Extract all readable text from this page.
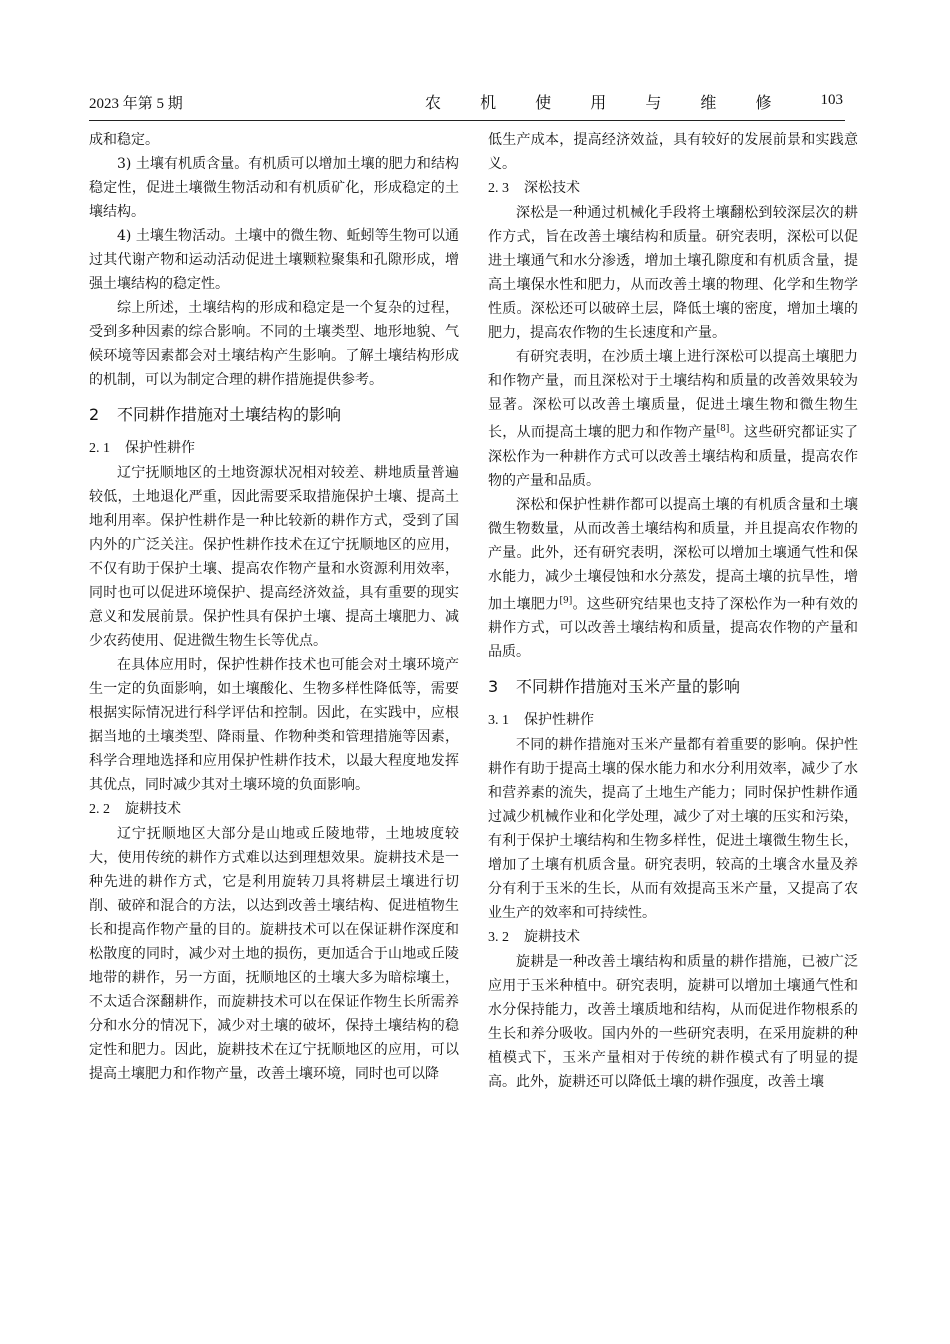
2023 年第 5 期	农 机 使 用 与 维 修 103

成和稳定。

3) 土壤有机质含量。有机质可以增加土壤的肥力和结构稳定性，促进土壤微生物活动和有机质矿化，形成稳定的土壤结构。

4) 土壤生物活动。土壤中的微生物、蚯蚓等生物可以通过其代谢产物和运动活动促进土壤颗粒聚集和孔隙形成，增强土壤结构的稳定性。

综上所述，土壤结构的形成和稳定是一个复杂的过程，受到多种因素的综合影响。不同的土壤类型、地形地貌、气候环境等因素都会对土壤结构产生影响。了解土壤结构形成的机制，可以为制定合理的耕作措施提供参考。

2 不同耕作措施对土壤结构的影响
2. 1 保护性耕作

辽宁抚顺地区的土地资源状况相对较差、耕地质量普遍较低，土地退化严重，因此需要采取措施保护土壤、提高土地利用率。保护性耕作是一种比较新的耕作方式，受到了国内外的广泛关注。保护性耕作技术在辽宁抚顺地区的应用，不仅有助于保护土壤、提高农作物产量和水资源利用效率，同时也可以促进环境保护、提高经济效益，具有重要的现实意义和发展前景。保护性具有保护土壤、提高土壤肥力、减少农药使用、促进微生物生长等优点。

在具体应用时，保护性耕作技术也可能会对土壤环境产生一定的负面影响，如土壤酸化、生物多样性降低等，需要根据实际情况进行科学评估和控制。因此，在实践中，应根据当地的土壤类型、降雨量、作物种类和管理措施等因素，科学合理地选择和应用保护性耕作技术，以最大程度地发挥其优点，同时减少其对土壤环境的负面影响。

2. 2 旋耕技术

辽宁抚顺地区大部分是山地或丘陵地带，土地坡度较大，使用传统的耕作方式难以达到理想效果。旋耕技术是一种先进的耕作方式，它是利用旋转刀具将耕层土壤进行切削、破碎和混合的方法，以达到改善土壤结构、促进植物生长和提高作物产量的目的。旋耕技术可以在保证耕作深度和松散度的同时，减少对土地的损伤，更加适合于山地或丘陵地带的耕作，另一方面，抚顺地区的土壤大多为暗棕壤土，不太适合深翻耕作，而旋耕技术可以在保证作物生长所需养分和水分的情况下，减少对土壤的破坏，保持土壤结构的稳定性和肥力。因此，旋耕技术在辽宁抚顺地区的应用，可以提高土壤肥力和作物产量，改善土壤环境，同时也可以降

低生产成本，提高经济效益，具有较好的发展前景和实践意义。

2. 3 深松技术

深松是一种通过机械化手段将土壤翻松到较深层次的耕作方式，旨在改善土壤结构和质量。研究表明，深松可以促进土壤通气和水分渗透，增加土壤孔隙度和有机质含量，提高土壤保水性和肥力，从而改善土壤的物理、化学和生物学性质。深松还可以破碎土层，降低土壤的密度，增加土壤的肥力，提高农作物的生长速度和产量。

有研究表明，在沙质土壤上进行深松可以提高土壤肥力和作物产量，而且深松对于土壤结构和质量的改善效果较为显著。深松可以改善土壤质量，促进土壤生物和微生物生长，从而提高土壤的肥力和作物产量[8]。这些研究都证实了深松作为一种耕作方式可以改善土壤结构和质量，提高农作物的产量和品质。

深松和保护性耕作都可以提高土壤的有机质含量和土壤微生物数量，从而改善土壤结构和质量，并且提高农作物的产量。此外，还有研究表明，深松可以增加土壤通气性和保水能力，减少土壤侵蚀和水分蒸发，提高土壤的抗旱性，增加土壤肥力[9]。这些研究结果也支持了深松作为一种有效的耕作方式，可以改善土壤结构和质量，提高农作物的产量和品质。

3 不同耕作措施对玉米产量的影响
3. 1 保护性耕作

不同的耕作措施对玉米产量都有着重要的影响。保护性耕作有助于提高土壤的保水能力和水分利用效率，减少了水和营养素的流失，提高了土地生产能力；同时保护性耕作通过减少机械作业和化学处理，减少了对土壤的压实和污染，有利于保护土壤结构和生物多样性，促进土壤微生物生长，增加了土壤有机质含量。研究表明，较高的土壤含水量及养分有利于玉米的生长，从而有效提高玉米产量，又提高了农业生产的效率和可持续性。

3. 2 旋耕技术

旋耕是一种改善土壤结构和质量的耕作措施，已被广泛应用于玉米种植中。研究表明，旋耕可以增加土壤通气性和水分保持能力，改善土壤质地和结构，从而促进作物根系的生长和养分吸收。国内外的一些研究表明，在采用旋耕的种植模式下，玉米产量相对于传统的耕作模式有了明显的提高。此外，旋耕还可以降低土壤的耕作强度，改善土壤
